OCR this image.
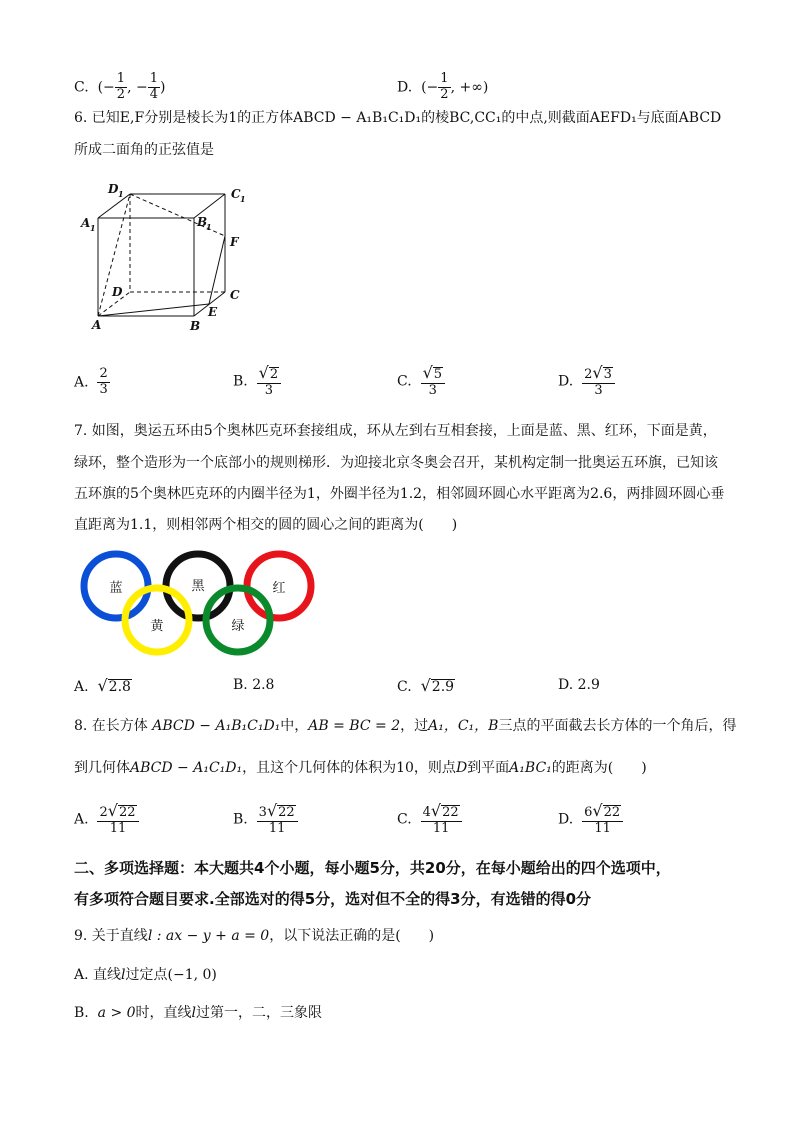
C. (− $\frac{1}{2}$ , − $\frac{1}{4}$ )	D. (− $\frac{1}{2}$ , +∞)
6. 已知E,F分别是棱长为1的正方体ABCD − A₁B₁C₁D₁的棱BC,CC₁的中点,则截面AEFD₁与底面ABCD
所成二面角的正弦值是
D 1	C 1
A 1	B
1
F
D	C
E
A	B
A. $\frac{2}{3}$	B. $\frac{√2}{3}$	C. $\frac{√5}{3}$	D. $\frac{2√3}{3}$
7. 如图，奥运五环由5个奥林匹克环套接组成，环从左到右互相套接，上面是蓝、黑、红环，下面是黄，
绿环，整个造形为一个底部小的规则梯形．为迎接北京冬奥会召开，某机构定制一批奥运五环旗，已知该
五环旗的5个奥林匹克环的内圈半径为1，外圈半径为1.2，相邻圆环圆心水平距离为2.6，两排圆环圆心垂
直距离为1.1，则相邻两个相交的圆的圆心之间的距离为(　　)
蓝	黑	红
黄	绿
A. √2.8	B. 2.8	C. √2.9	D. 2.9
8. 在长方体 ABCD − A₁B₁C₁D₁中，AB = BC = 2，过A₁，C₁，B三点的平面截去长方体的一个角后，得
到几何体ABCD − A₁C₁D₁，且这个几何体的体积为10，则点D到平面A₁BC₁的距离为(　　)
A. $\frac{2√22}{11}$	B. $\frac{3√22}{11}$	C. $\frac{4√22}{11}$	D. $\frac{6√22}{11}$
二、多项选择题：本大题共4个小题，每小题5分，共20分，在每小题给出的四个选项中，
有多项符合题目要求.全部选对的得5分，选对但不全的得3分，有选错的得0分
9. 关于直线l : ax − y + a = 0，以下说法正确的是(　　)
A. 直线l过定点(−1, 0)
B. a > 0时，直线l过第一，二，三象限
